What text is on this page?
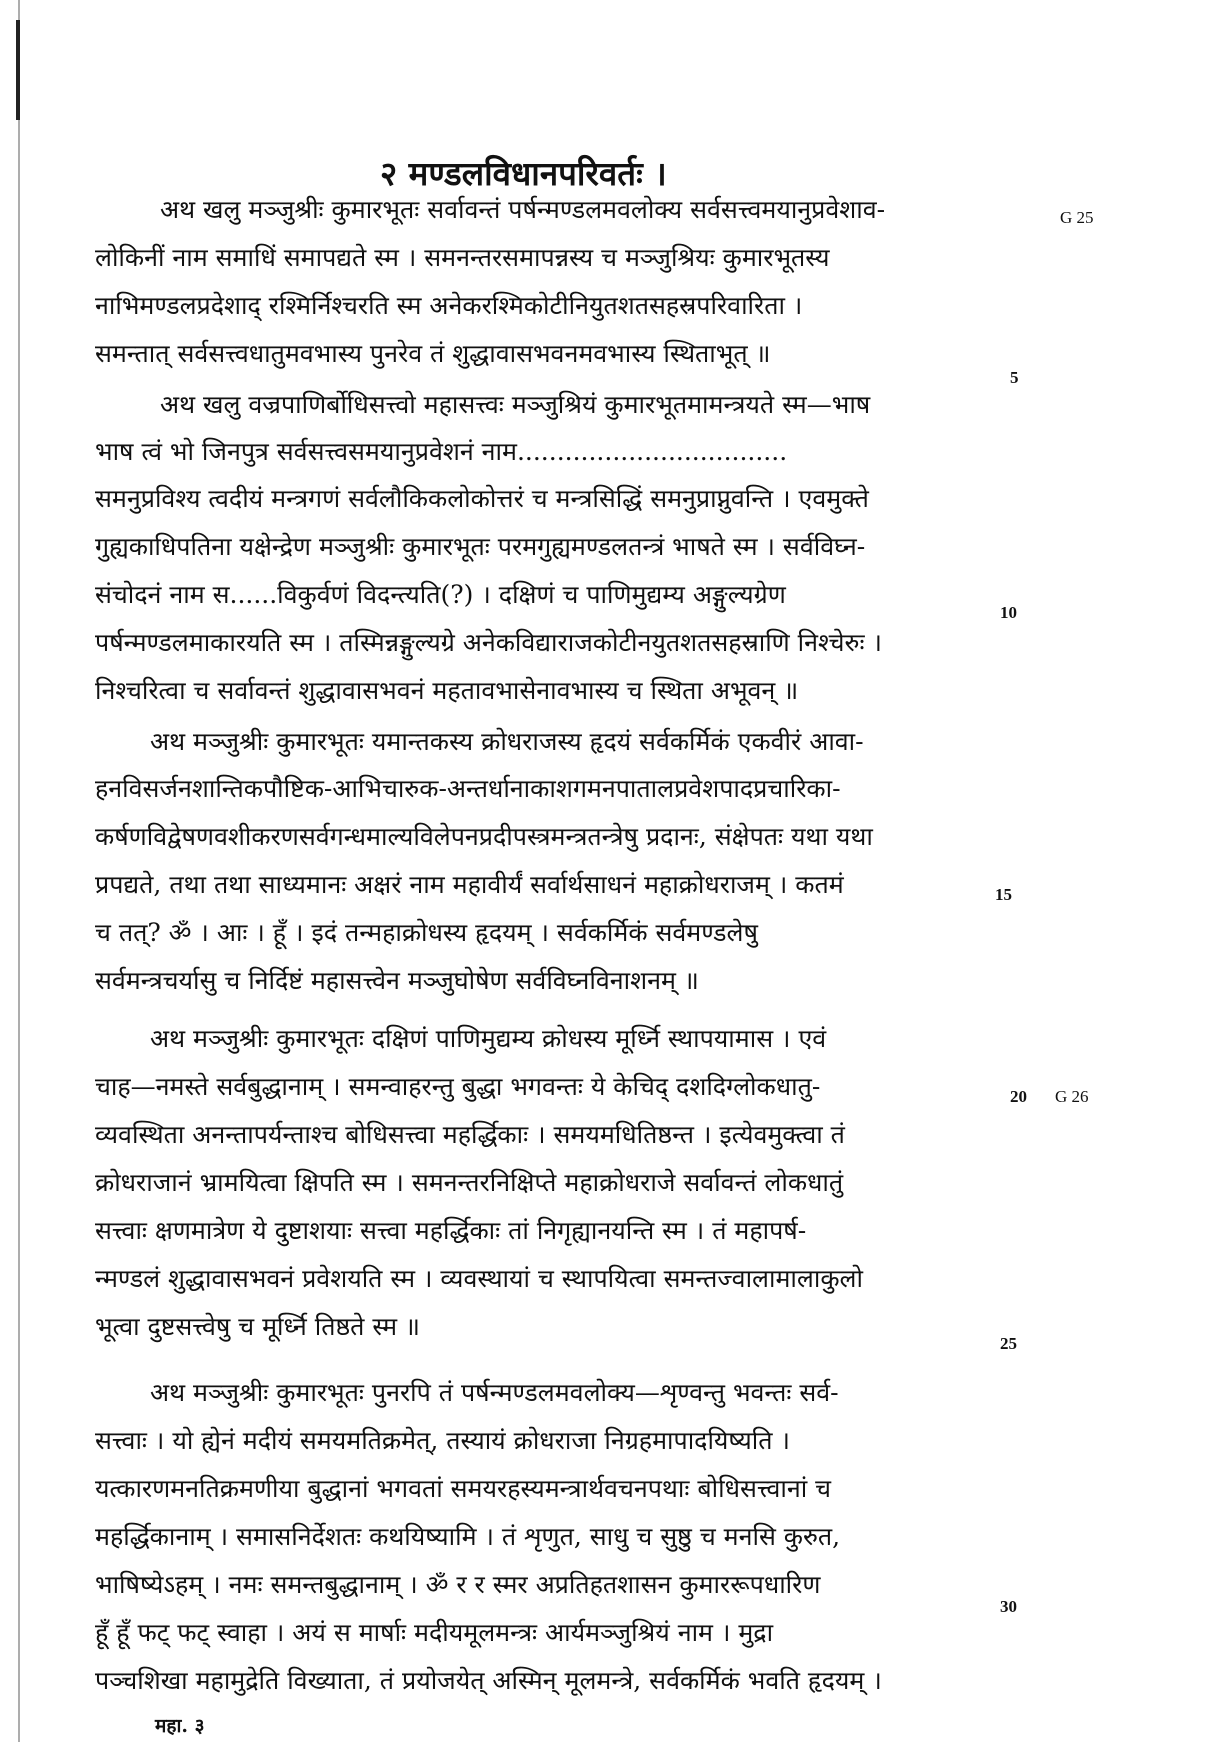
२ मण्डलविधानपरिवर्तः ।
अथ खलु मञ्जुश्रीः कुमारभूतः सर्वावन्तं पर्षन्मण्डलमवलोक्य सर्वसत्त्वमयानुप्रवेशाव-
लोकिनीं नाम समाधिं समापद्यते स्म । समनन्तरसमापन्नस्य च मञ्जुश्रियः कुमारभूतस्य
नाभिमण्डलप्रदेशाद् रश्मिर्निश्चरति स्म अनेकरश्मिकोटीनियुतशतसहस्रपरिवारिता ।
समन्तात् सर्वसत्त्वधातुमवभास्य पुनरेव तं शुद्धावासभवनमवभास्य स्थिताभूत् ॥
अथ खलु वज्रपाणिर्बोधिसत्त्वो महासत्त्वः मञ्जुश्रियं कुमारभूतमामन्त्रयते स्म—भाष
भाष त्वं भो जिनपुत्र सर्वसत्त्वसमयानुप्रवेशनं नाम..................................
समनुप्रविश्य त्वदीयं मन्त्रगणं सर्वलौकिकलोकोत्तरं च मन्त्रसिद्धिं समनुप्राप्नुवन्ति । एवमुक्ते
गुह्यकाधिपतिना यक्षेन्द्रेण मञ्जुश्रीः कुमारभूतः परमगुह्यमण्डलतन्त्रं भाषते स्म । सर्वविघ्न-
संचोदनं नाम स......विकुर्वणं विदन्त्यति(?) । दक्षिणं च पाणिमुद्यम्य अङ्गुल्यग्रेण
पर्षन्मण्डलमाकारयति स्म । तस्मिन्नङ्गुल्यग्रे अनेकविद्याराजकोटीनयुतशतसहस्राणि निश्चेरुः ।
निश्चरित्वा च सर्वावन्तं शुद्धावासभवनं महतावभासेनावभास्य च स्थिता अभूवन् ॥
अथ मञ्जुश्रीः कुमारभूतः यमान्तकस्य क्रोधराजस्य हृदयं सर्वकर्मिकं एकवीरं आवा-
हनविसर्जनशान्तिकपौष्टिक-आभिचारुक-अन्तर्धानाकाशगमनपातालप्रवेशपादप्रचारिका-
कर्षणविद्वेषणवशीकरणसर्वगन्धमाल्यविलेपनप्रदीपस्त्रमन्त्रतन्त्रेषु प्रदानः, संक्षेपतः यथा यथा
प्रपद्यते, तथा तथा साध्यमानः अक्षरं नाम महावीर्यं सर्वार्थसाधनं महाक्रोधराजम् । कतमं
च तत्? ॐ । आः । हूँ । इदं तन्महाक्रोधस्य हृदयम् । सर्वकर्मिकं सर्वमण्डलेषु
सर्वमन्त्रचर्यासु च निर्दिष्टं महासत्त्वेन मञ्जुघोषेण सर्वविघ्नविनाशनम् ॥
अथ मञ्जुश्रीः कुमारभूतः दक्षिणं पाणिमुद्यम्य क्रोधस्य मूर्ध्नि स्थापयामास । एवं
चाह—नमस्ते सर्वबुद्धानाम् । समन्वाहरन्तु बुद्धा भगवन्तः ये केचिद् दशदिग्लोकधातु-
व्यवस्थिता अनन्तापर्यन्ताश्च बोधिसत्त्वा महर्द्धिकाः । समयमधितिष्ठन्त । इत्येवमुक्त्वा तं
क्रोधराजानं भ्रामयित्वा क्षिपति स्म । समनन्तरनिक्षिप्ते महाक्रोधराजे सर्वावन्तं लोकधातुं
सत्त्वाः क्षणमात्रेण ये दुष्टाशयाः सत्त्वा महर्द्धिकाः तां निगृह्यानयन्ति स्म । तं महापर्ष-
न्मण्डलं शुद्धावासभवनं प्रवेशयति स्म । व्यवस्थायां च स्थापयित्वा समन्तज्वालामालाकुलो
भूत्वा दुष्टसत्त्वेषु च मूर्ध्नि तिष्ठते स्म ॥
अथ मञ्जुश्रीः कुमारभूतः पुनरपि तं पर्षन्मण्डलमवलोक्य—शृण्वन्तु भवन्तः सर्व-
सत्त्वाः । यो ह्येनं मदीयं समयमतिक्रमेत्, तस्यायं क्रोधराजा निग्रहमापादयिष्यति ।
यत्कारणमनतिक्रमणीया बुद्धानां भगवतां समयरहस्यमन्त्रार्थवचनपथाः बोधिसत्त्वानां च
महर्द्धिकानाम् । समासनिर्देशतः कथयिष्यामि । तं शृणुत, साधु च सुष्ठु च मनसि कुरुत,
भाषिष्येऽहम् । नमः समन्तबुद्धानाम् । ॐ र र स्मर अप्रतिहतशासन कुमाररूपधारिण
हूँ हूँ फट् फट् स्वाहा । अयं स मार्षाः मदीयमूलमन्त्रः आर्यमञ्जुश्रियं नाम । मुद्रा
पञ्चशिखा महामुद्रेति विख्याता, तं प्रयोजयेत् अस्मिन् मूलमन्त्रे, सर्वकर्मिकं भवति हृदयम् ।
G 25
G 26
5
10
15
20
25
30
महा. ३
